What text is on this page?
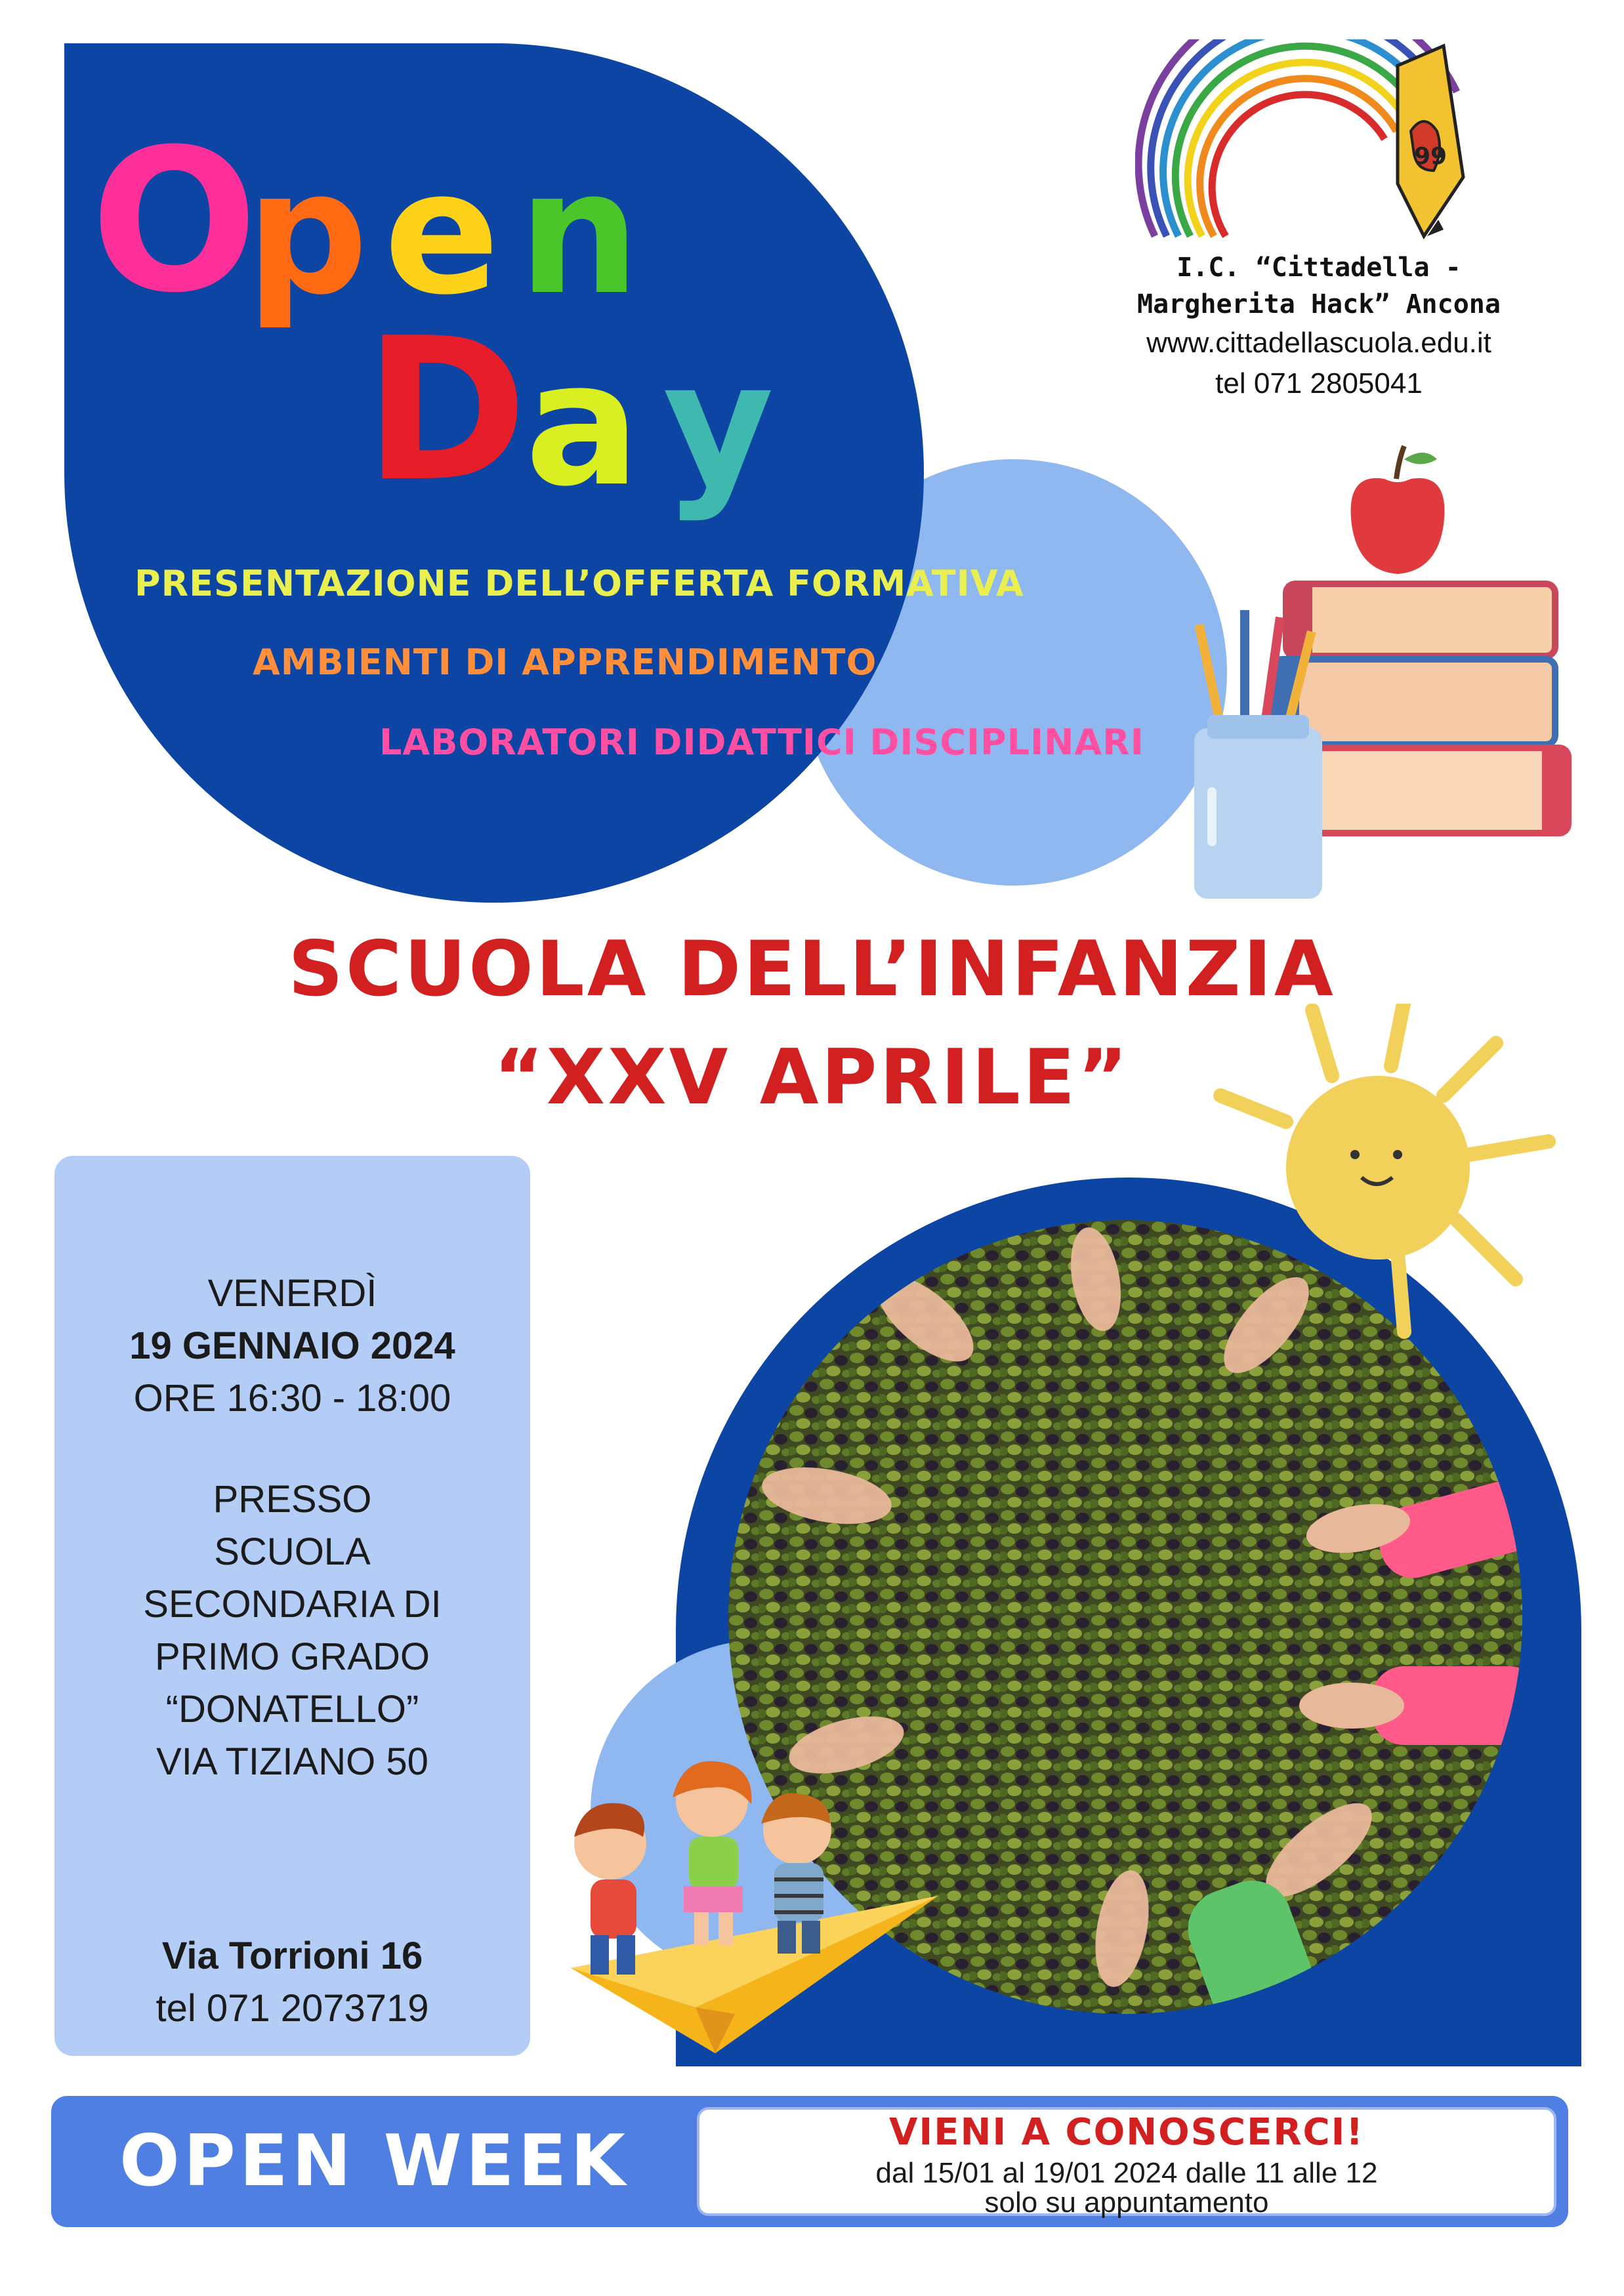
O
p e n
D
a y
PRESENTAZIONE DELL’OFFERTA FORMATIVA
AMBIENTI DI APPRENDIMENTO
LABORATORI DIDATTICI DISCIPLINARI
99
I.C. “Cittadella -
Margherita Hack” Ancona
www.cittadellascuola.edu.it
tel 071 2805041
SCUOLA DELL’INFANZIA
“XXV APRILE”
VENERDÌ
19 GENNAIO 2024
ORE 16:30 - 18:00
PRESSO
SCUOLA
SECONDARIA DI
PRIMO GRADO
“DONATELLO”
VIA TIZIANO 50
Via Torrioni 16
tel 071 2073719
OPEN WEEK	VIENI A CONOSCERCI!
dal 15/01 al 19/01 2024 dalle 11 alle 12
solo su appuntamento
